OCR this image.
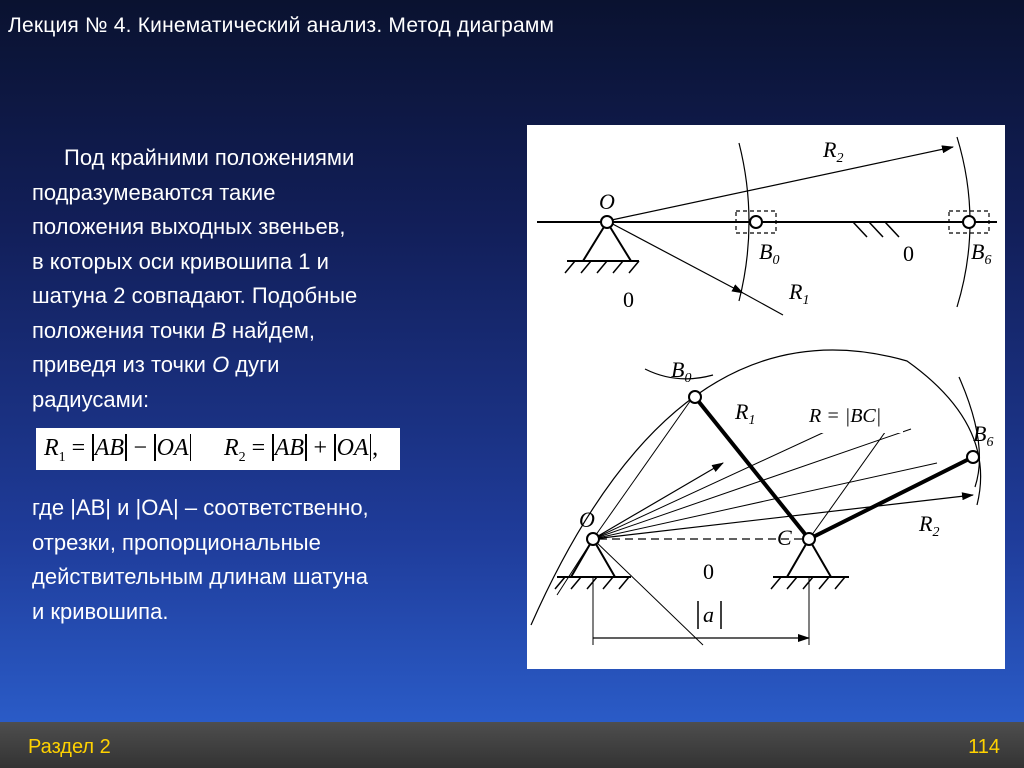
Лекция № 4. Кинематический анализ. Метод диаграмм
Под крайними положениями
подразумеваются такие
положения выходных звеньев,
в которых оси кривошипа 1 и
шатуна 2 совпадают. Подобные
положения точки B найдем,
приведя из точки O дуги
радиусами:
$R_1$ = AB − OA $R_2$ = AB + OA ,
где |AB| и |OA| – соответственно,
отрезки, пропорциональные
действительным длинам шатуна
и кривошипа.
O
$R_2$
$R_1$
$B_0$	$B_6$
0
0
$B_0$
$R_1$	R = |BC|
$B_6$
O
C
$R_2$
0
a
Раздел 2	114
